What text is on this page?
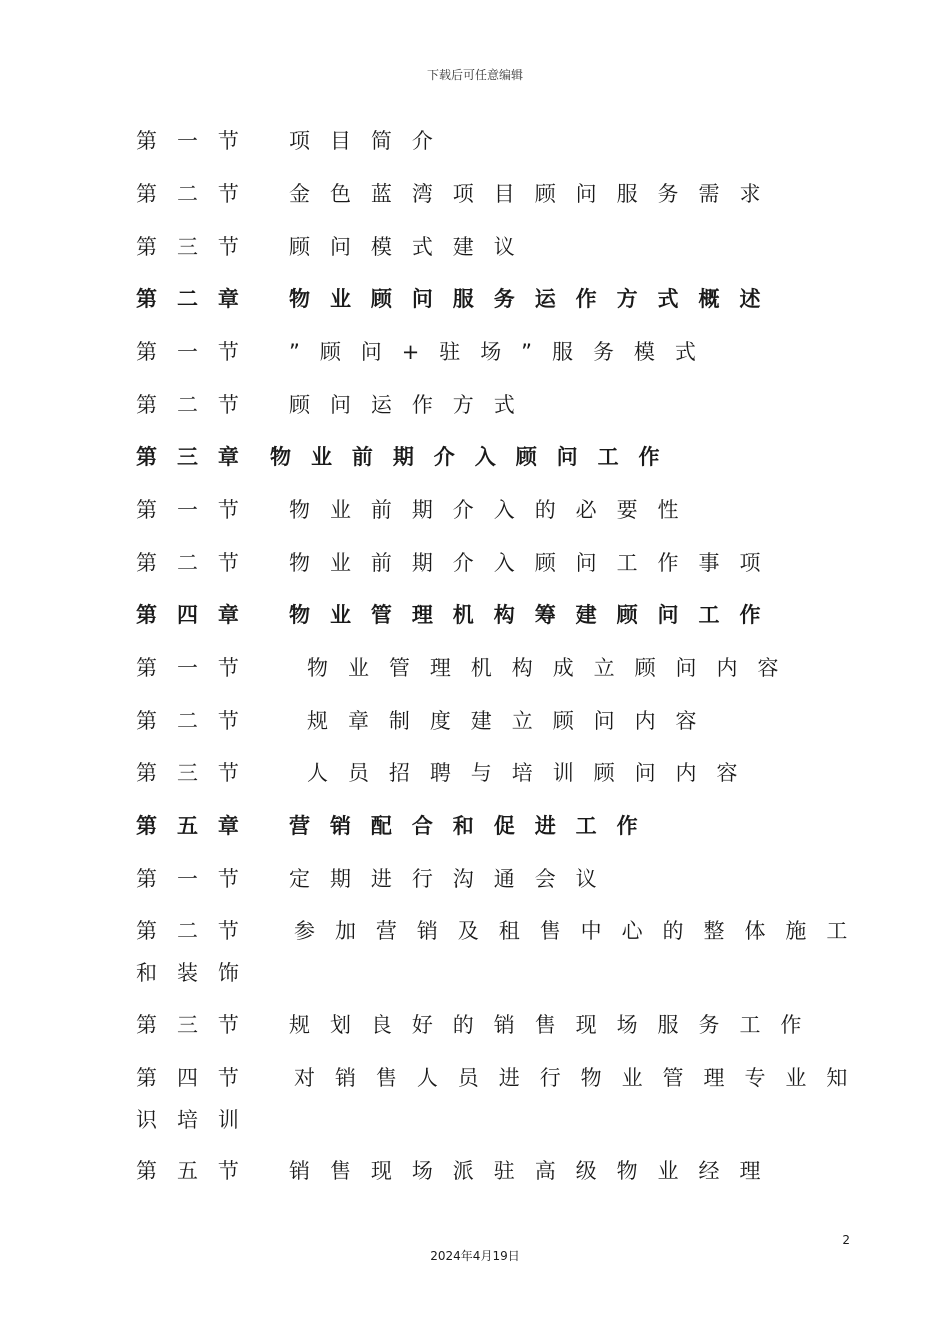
下载后可任意编辑
第一节 项目简介
第二节 金色蓝湾项目顾问服务需求
第三节 顾问模式建议
第二章 物业顾问服务运作方式概述
第一节 ”顾问+驻场”服务模式
第二节 顾问运作方式
第三章 物业前期介入顾问工作
第一节 物业前期介入的必要性
第二节 物业前期介入顾问工作事项
第四章 物业管理机构筹建顾问工作
第一节 物业管理机构成立顾问内容
第二节 规章制度建立顾问内容
第三节 人员招聘与培训顾问内容
第五章 营销配合和促进工作
第一节 定期进行沟通会议
第二节 参加营销及租售中心的整体施工
和装饰
第三节 规划良好的销售现场服务工作
第四节 对销售人员进行物业管理专业知
识培训
第五节 销售现场派驻高级物业经理
2
2024年4月19日
